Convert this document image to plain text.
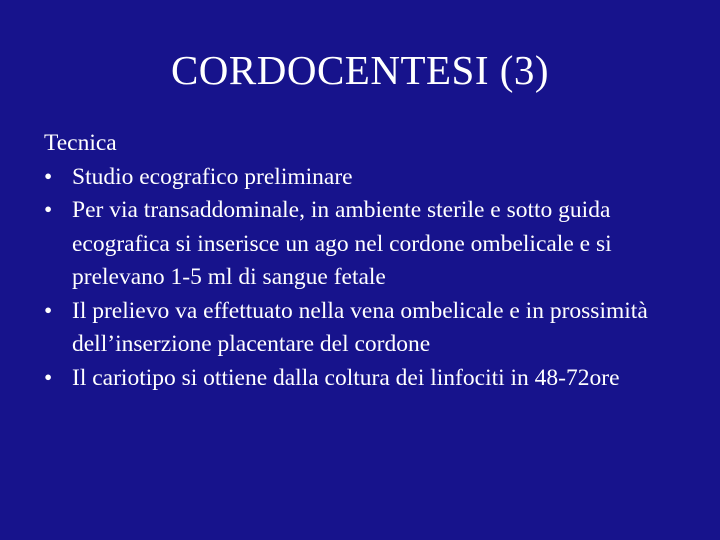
CORDOCENTESI (3)

Tecnica

• Studio ecografico preliminare
• Per via transaddominale, in ambiente sterile e sotto guida ecografica si inserisce un ago nel cordone ombelicale e si prelevano 1-5 ml di sangue fetale
• Il prelievo va effettuato nella vena ombelicale e in prossimità dell’inserzione placentare del cordone
• Il cariotipo si ottiene dalla coltura dei linfociti in 48-72ore
